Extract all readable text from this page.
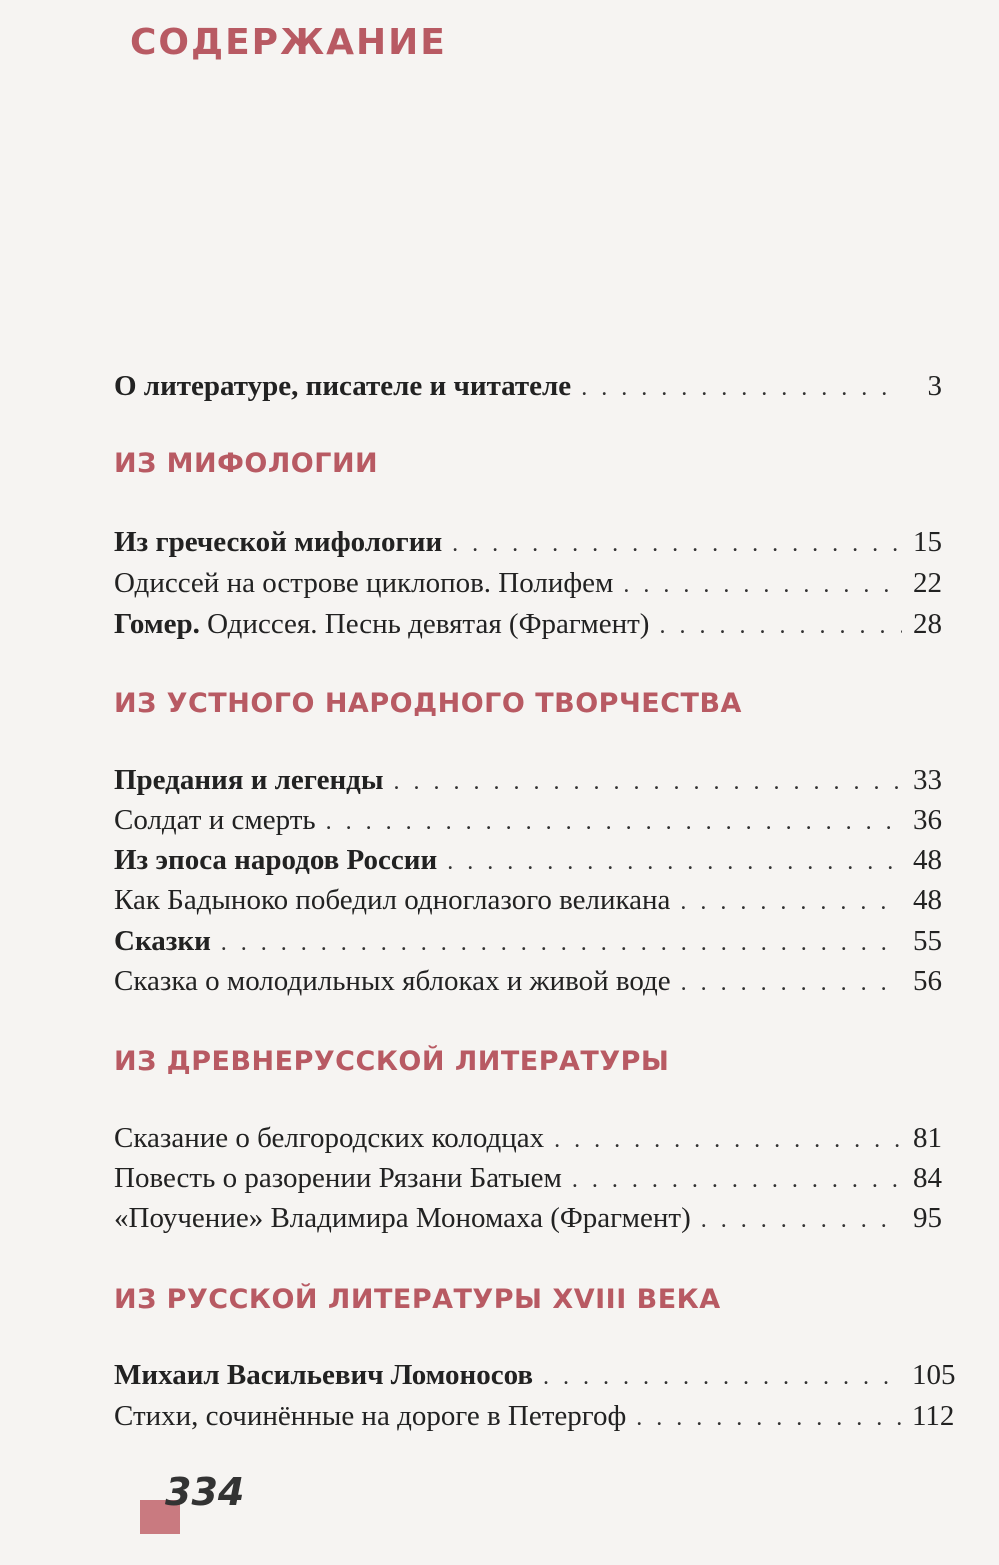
СОДЕРЖАНИЕ
О литературе, писателе и читателе . . .	3
ИЗ МИФОЛОГИИ
Из греческой мифологии . . .	15
Одиссей на острове циклопов. Полифем . . .	22
Гомер. Одиссея. Песнь девятая (Фрагмент) . . .	28
ИЗ УСТНОГО НАРОДНОГО ТВОРЧЕСТВА
Предания и легенды . . .	33
Солдат и смерть . . .	36
Из эпоса народов России . . .	48
Как Бадыноко победил одноглазого великана . . .	48
Сказки . . .	55
Сказка о молодильных яблоках и живой воде . . .	56
ИЗ ДРЕВНЕРУССКОЙ ЛИТЕРАТУРЫ
Сказание о белгородских колодцах . . .	81
Повесть о разорении Рязани Батыем . . .	84
«Поучение» Владимира Мономаха (Фрагмент) . . .	95
ИЗ РУССКОЙ ЛИТЕРАТУРЫ XVIII ВЕКА
Михаил Васильевич Ломоносов . . .	105
Стихи, сочинённые на дороге в Петергоф . . .	112
334
